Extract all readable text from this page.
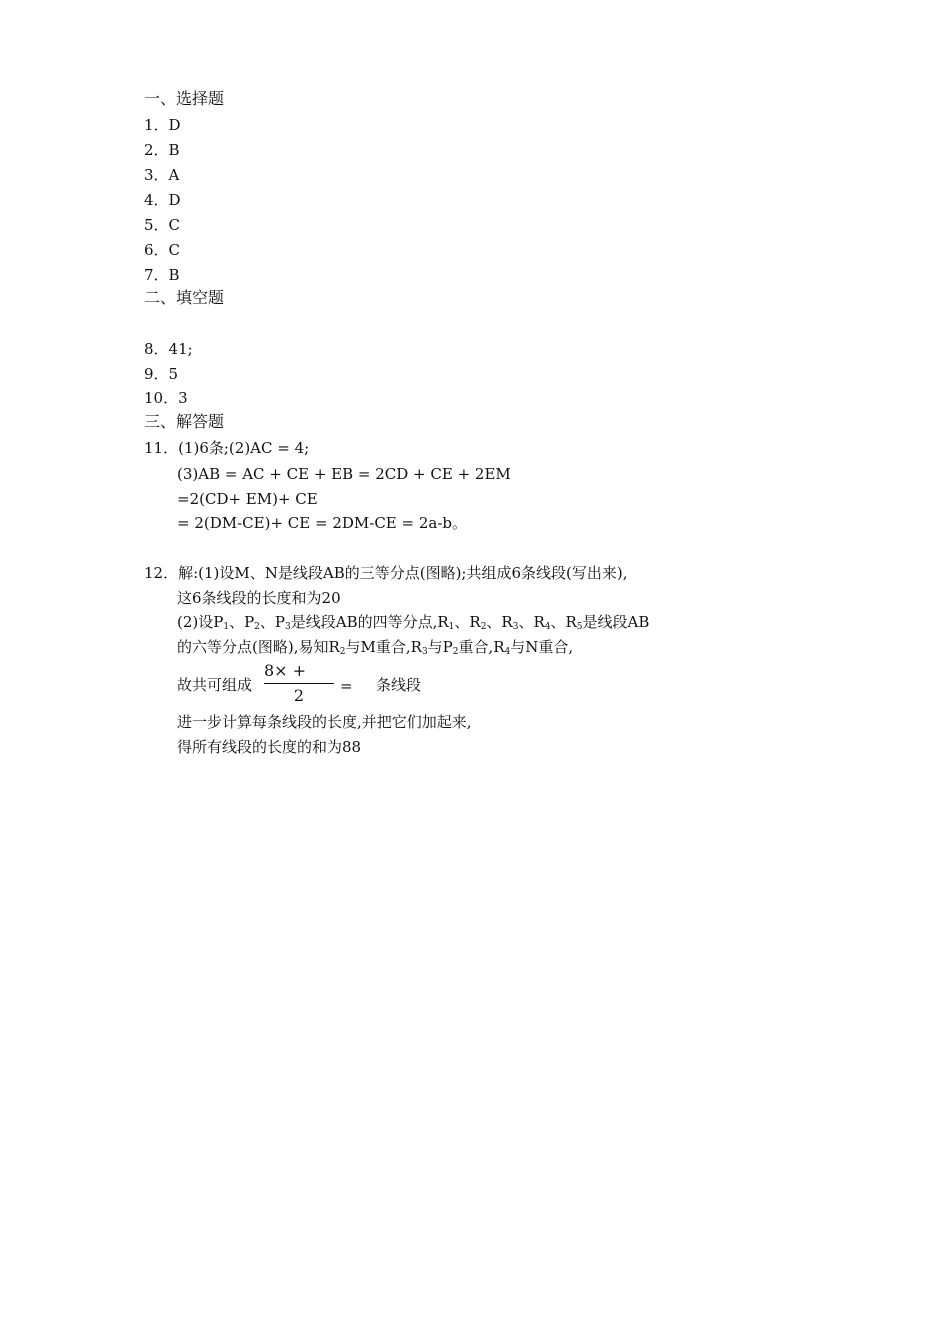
一、选择题
1．D
2．B
3．A
4．D
5．C
6．C
7．B
二、填空题
8．41;
9．5
10．3
三、解答题
11．(1)6条;(2)AC = 4;
(3)AB = AC + CE + EB = 2CD + CE + 2EM
=2(CD+ EM)+ CE
= 2(DM-CE)+ CE = 2DM-CE = 2a-b。
12．解:(1)设M、N是线段AB的三等分点(图略);共组成6条线段(写出来),
这6条线段的长度和为20
(2)设$P_1$、$P_2$、$P_3$是线段AB的四等分点$,R_1$、$R_2$、$R_3$、$R_4$、$R_5$是线段AB
的六等分点(图略),易知$R_2$与M重合$,R_3$与$P_2$重合$,R_4$与N重合,
故共可组成
8× +
2	= 条线段
进一步计算每条线段的长度,并把它们加起来,
得所有线段的长度的和为88
